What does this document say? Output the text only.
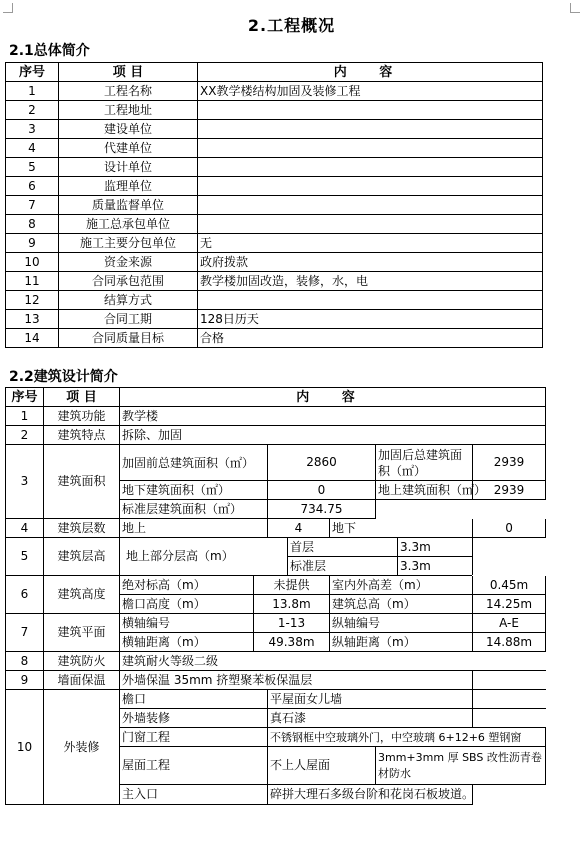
2.工程概况
2.1总体简介
序号	项 目	内 容
1	工程名称	XX教学楼结构加固及装修工程
2	工程地址	
3	建设单位	
4	代建单位	
5	设计单位	
6	监理单位	
7	质量监督单位	
8	施工总承包单位	
9	施工主要分包单位	无
10	资金来源	政府拨款
11	合同承包范围	教学楼加固改造，装修，水，电
12	结算方式	
13	合同工期	128日历天
14	合同质量目标	合格
2.2建筑设计简介
序号	项 目	内 容							
1	建筑功能	教学楼							
2	建筑特点	拆除、加固							
3	建筑面积	加固前总建筑面积（㎡）		2860			加固后总建筑面积（㎡）		2939
		地下建筑面积（㎡）		0			地上建筑面积（㎡）		2939
		标准层建筑面积（㎡）		734.75					
4	建筑层数	地上		4		地下			0
5	建筑层高	地上部分层高（m）			首层			3.3m	
					标准层			3.3m	
6	建筑高度	绝对标高（m）	未提供			室内外高差（m）			0.45m
		檐口高度（m）	13.8m			建筑总高（m）			14.25m
7	建筑平面	横轴编号	1-13			纵轴编号			A-E
		横轴距离（m）	49.38m			纵轴距离（m）			14.88m
8	建筑防火	建筑耐火等级二级							
9	墙面保温	外墙保温 35mm 挤塑聚苯板保温层							
10	外装修	檐口		平屋面女儿墙					
		外墙装修		真石漆					
		门窗工程		不锈钢框中空玻璃外门，中空玻璃 6+12+6 塑钢窗					
		屋面工程		不上人屋面			3mm+3mm 厚 SBS 改性沥青卷材防水		
		主入口		碎拼大理石多级台阶和花岗石板坡道。					
